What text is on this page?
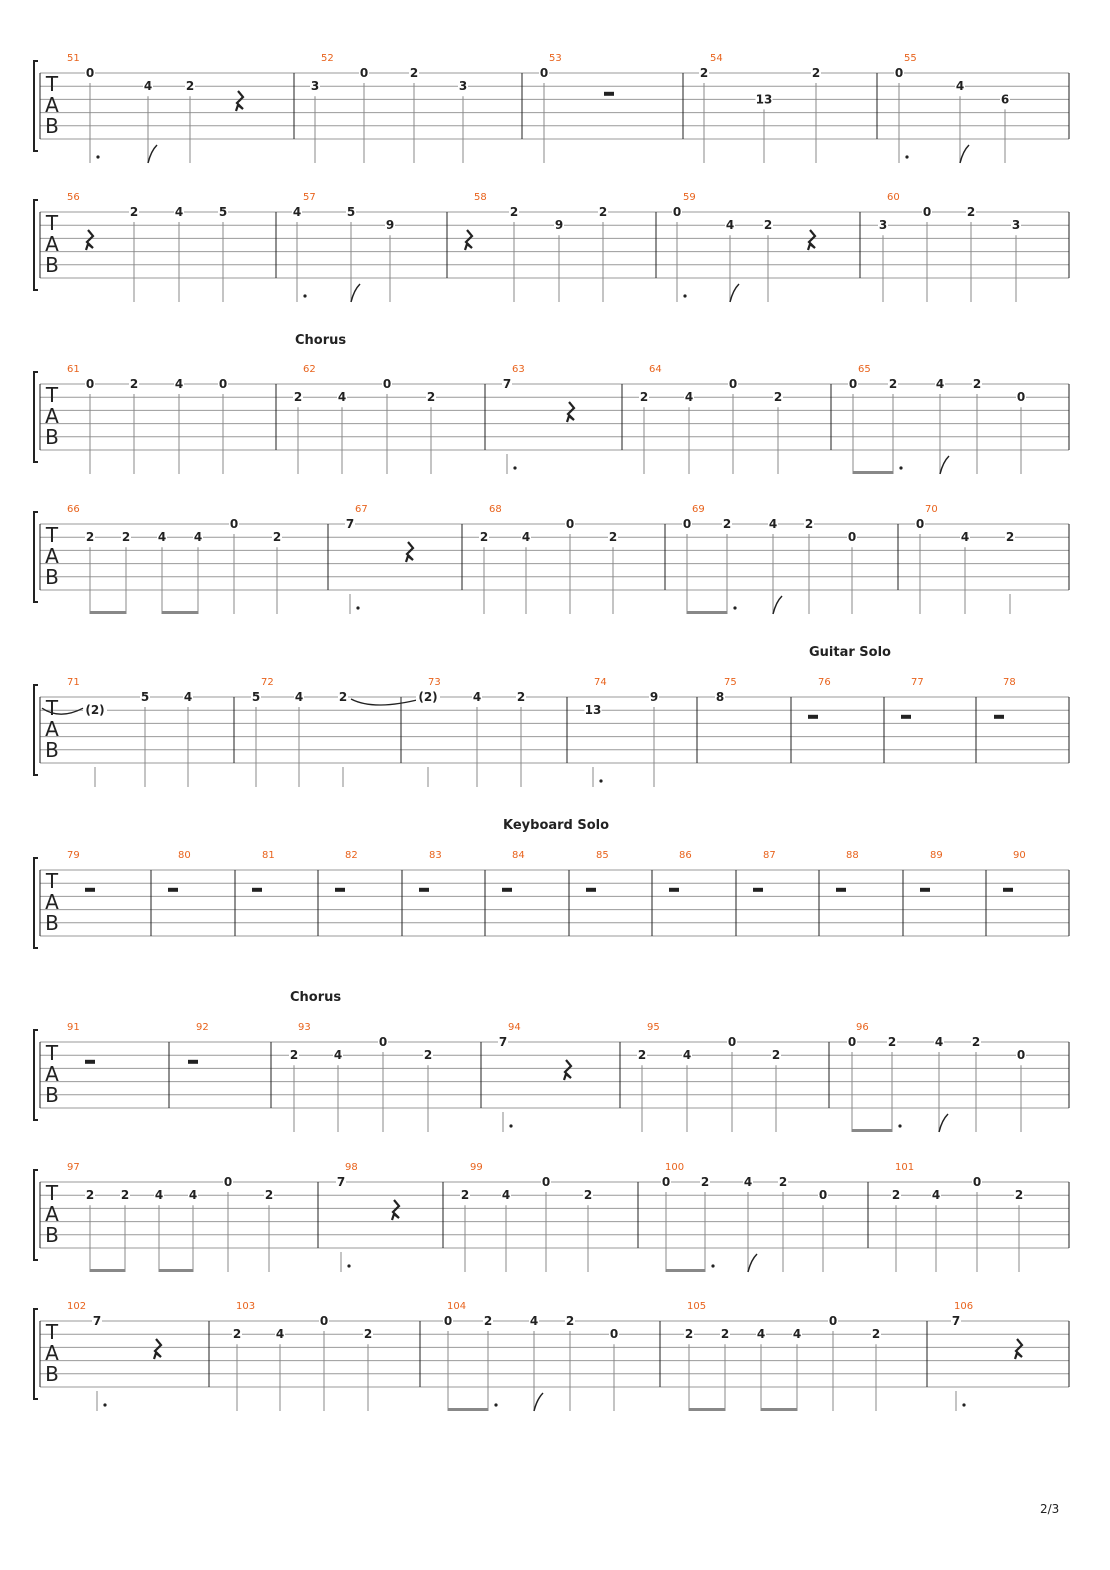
Chorus
Guitar Solo
Keyboard Solo
Chorus
2/3
T
A
B
51
0
4	2
52
3
0	2
3
53
0
54
2
13
2
55
0
4
6
T
A
B
56
2	4	5
57
4	5
9
58
2
9
2
59
0
4 2
60
3
0	2
3
T
A
B
61
0	2	4	0
62
2	4
0
2
63
7
64
2	4
0
2
65
0	2	4 2
0
T
A
B
66
2 2 4 4
0
2
67
7
68
2	4
0
2
69
0	2	4 2
0
70
0
4	2
T
A
B
71
(2)
5	4
72
5	4	2
73
(2)	4	2
74
13
9
75
8
76	77	78
T
A
B
79	80	81	82	83	84	85	86	87	88	89	90
T
A
B
91	92	93
2	4
0
2
94
7
95
2	4
0
2
96
0	2	4 2
0
T
A
B
97
2 2 4 4
0
2
98
7
99
2	4
0
2
100
0	2	4 2
0
101
2	4
0
2
T
A
B
102
7
103
2	4
0
2
104
0	2	4 2
0
105
2 2 4 4
0
2
106
7
